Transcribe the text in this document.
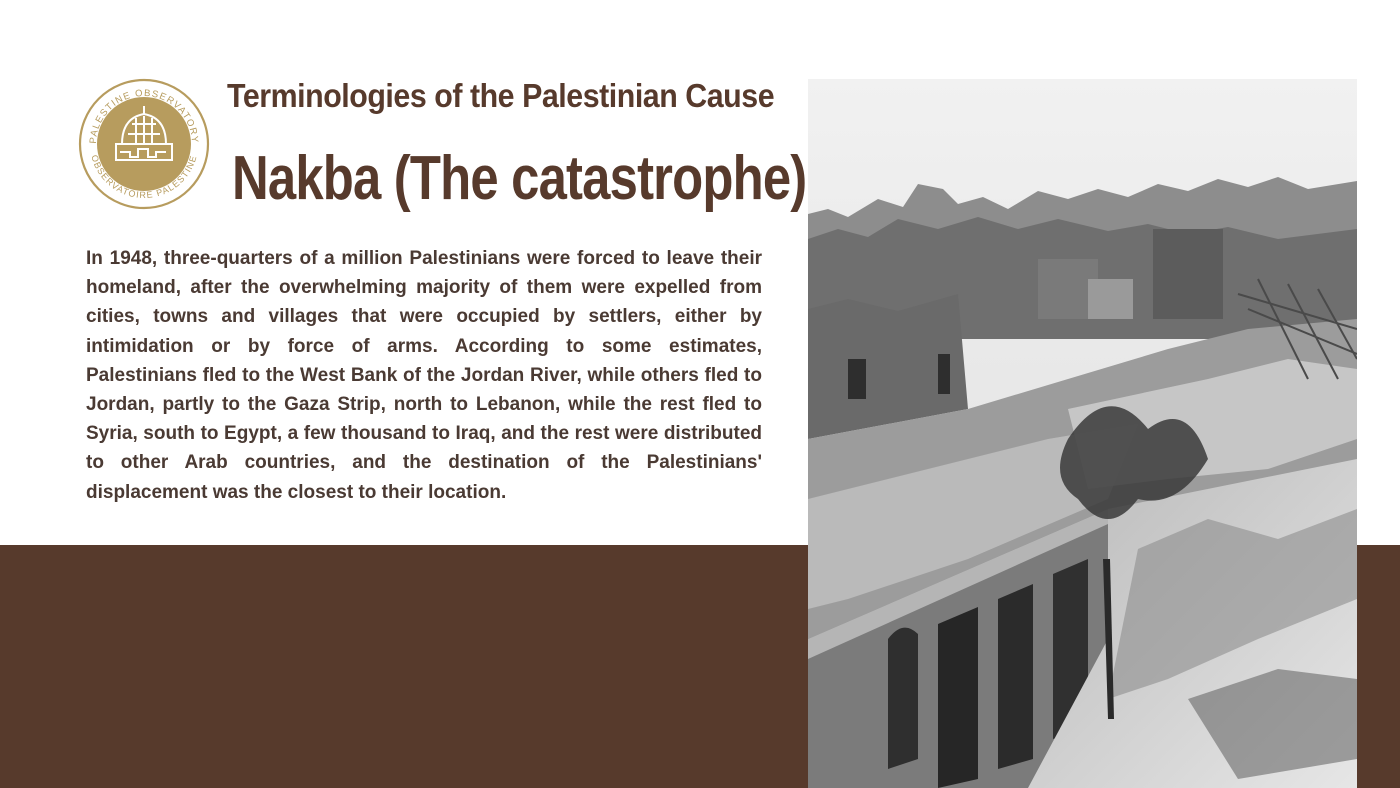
PALESTINE OBSERVATORY
OBSERVATOIRE PALESTINE
Terminologies of the Palestinian Cause
Nakba (The catastrophe)
In 1948, three-quarters of a million Palestinians were forced to leave their homeland, after the overwhelming majority of them were expelled from cities, towns and villages that were occupied by settlers, either by intimidation or by force of arms. According to some estimates, Palestinians fled to the West Bank of the Jordan River, while others fled to Jordan, partly to the Gaza Strip, north to Lebanon, while the rest fled to Syria, south to Egypt, a few thousand to Iraq, and the rest were distributed to other Arab countries, and the destination of the Palestinians' displacement was the closest to their location.
